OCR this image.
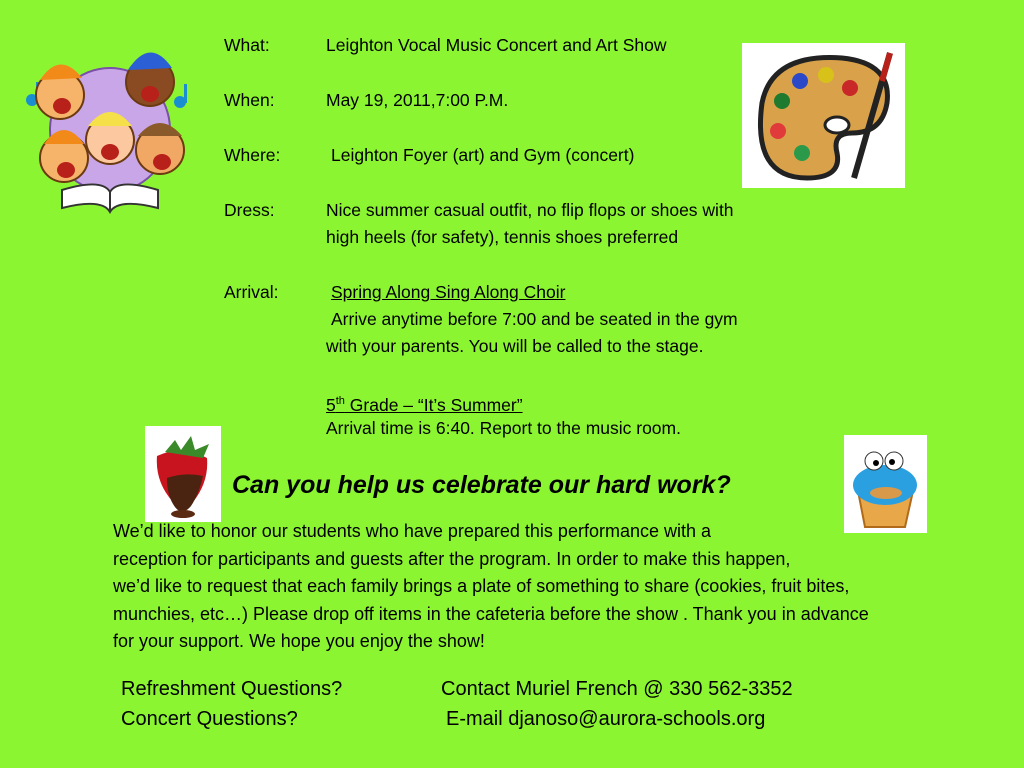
What:	Leighton Vocal Music Concert and Art Show
When:	May 19, 2011,7:00 P.M.
Where:	Leighton Foyer (art) and Gym (concert)
Dress:	Nice summer casual outfit, no flip flops or shoes with
high heels (for safety), tennis shoes preferred
Arrival:	Spring Along Sing Along Choir
Arrive anytime before 7:00 and be seated in the gym
with your parents. You will be called to the stage.
5th Grade – “It’s Summer”
Arrival time is 6:40. Report to the music room.
Can you help us celebrate our hard work?
We’d like to honor our students who have prepared this performance with a
reception for participants and guests after the program. In order to make this happen,
we’d like to request that each family brings a plate of something to share (cookies, fruit bites,
munchies, etc…) Please drop off items in the cafeteria before the show . Thank you in advance
for your support. We hope you enjoy the show!
Refreshment Questions?	Contact Muriel French @ 330 562-3352
Concert Questions?	E-mail djanoso@aurora-schools.org
